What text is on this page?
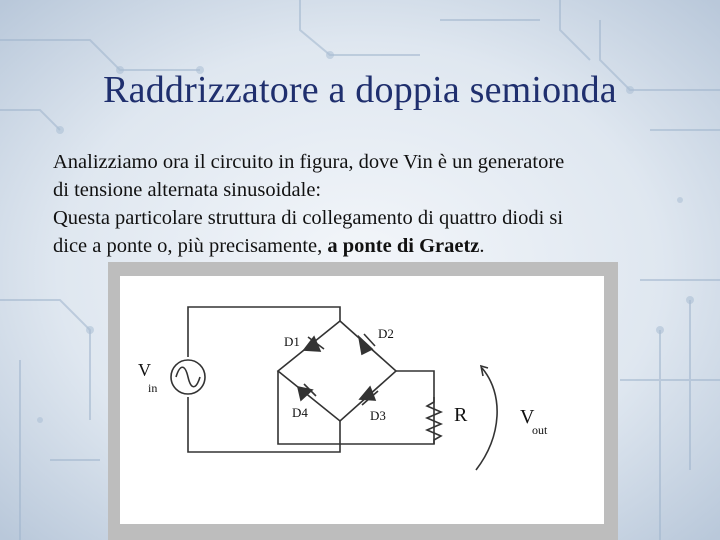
Raddrizzatore a doppia semionda
Analizziamo ora il circuito in figura, dove Vin è un generatore
di tensione alternata sinusoidale:
Questa particolare struttura di collegamento di quattro diodi si
dice a ponte o, più precisamente, a ponte di Graetz.
V
in
D1
D2
D3
D4	R	V
out
